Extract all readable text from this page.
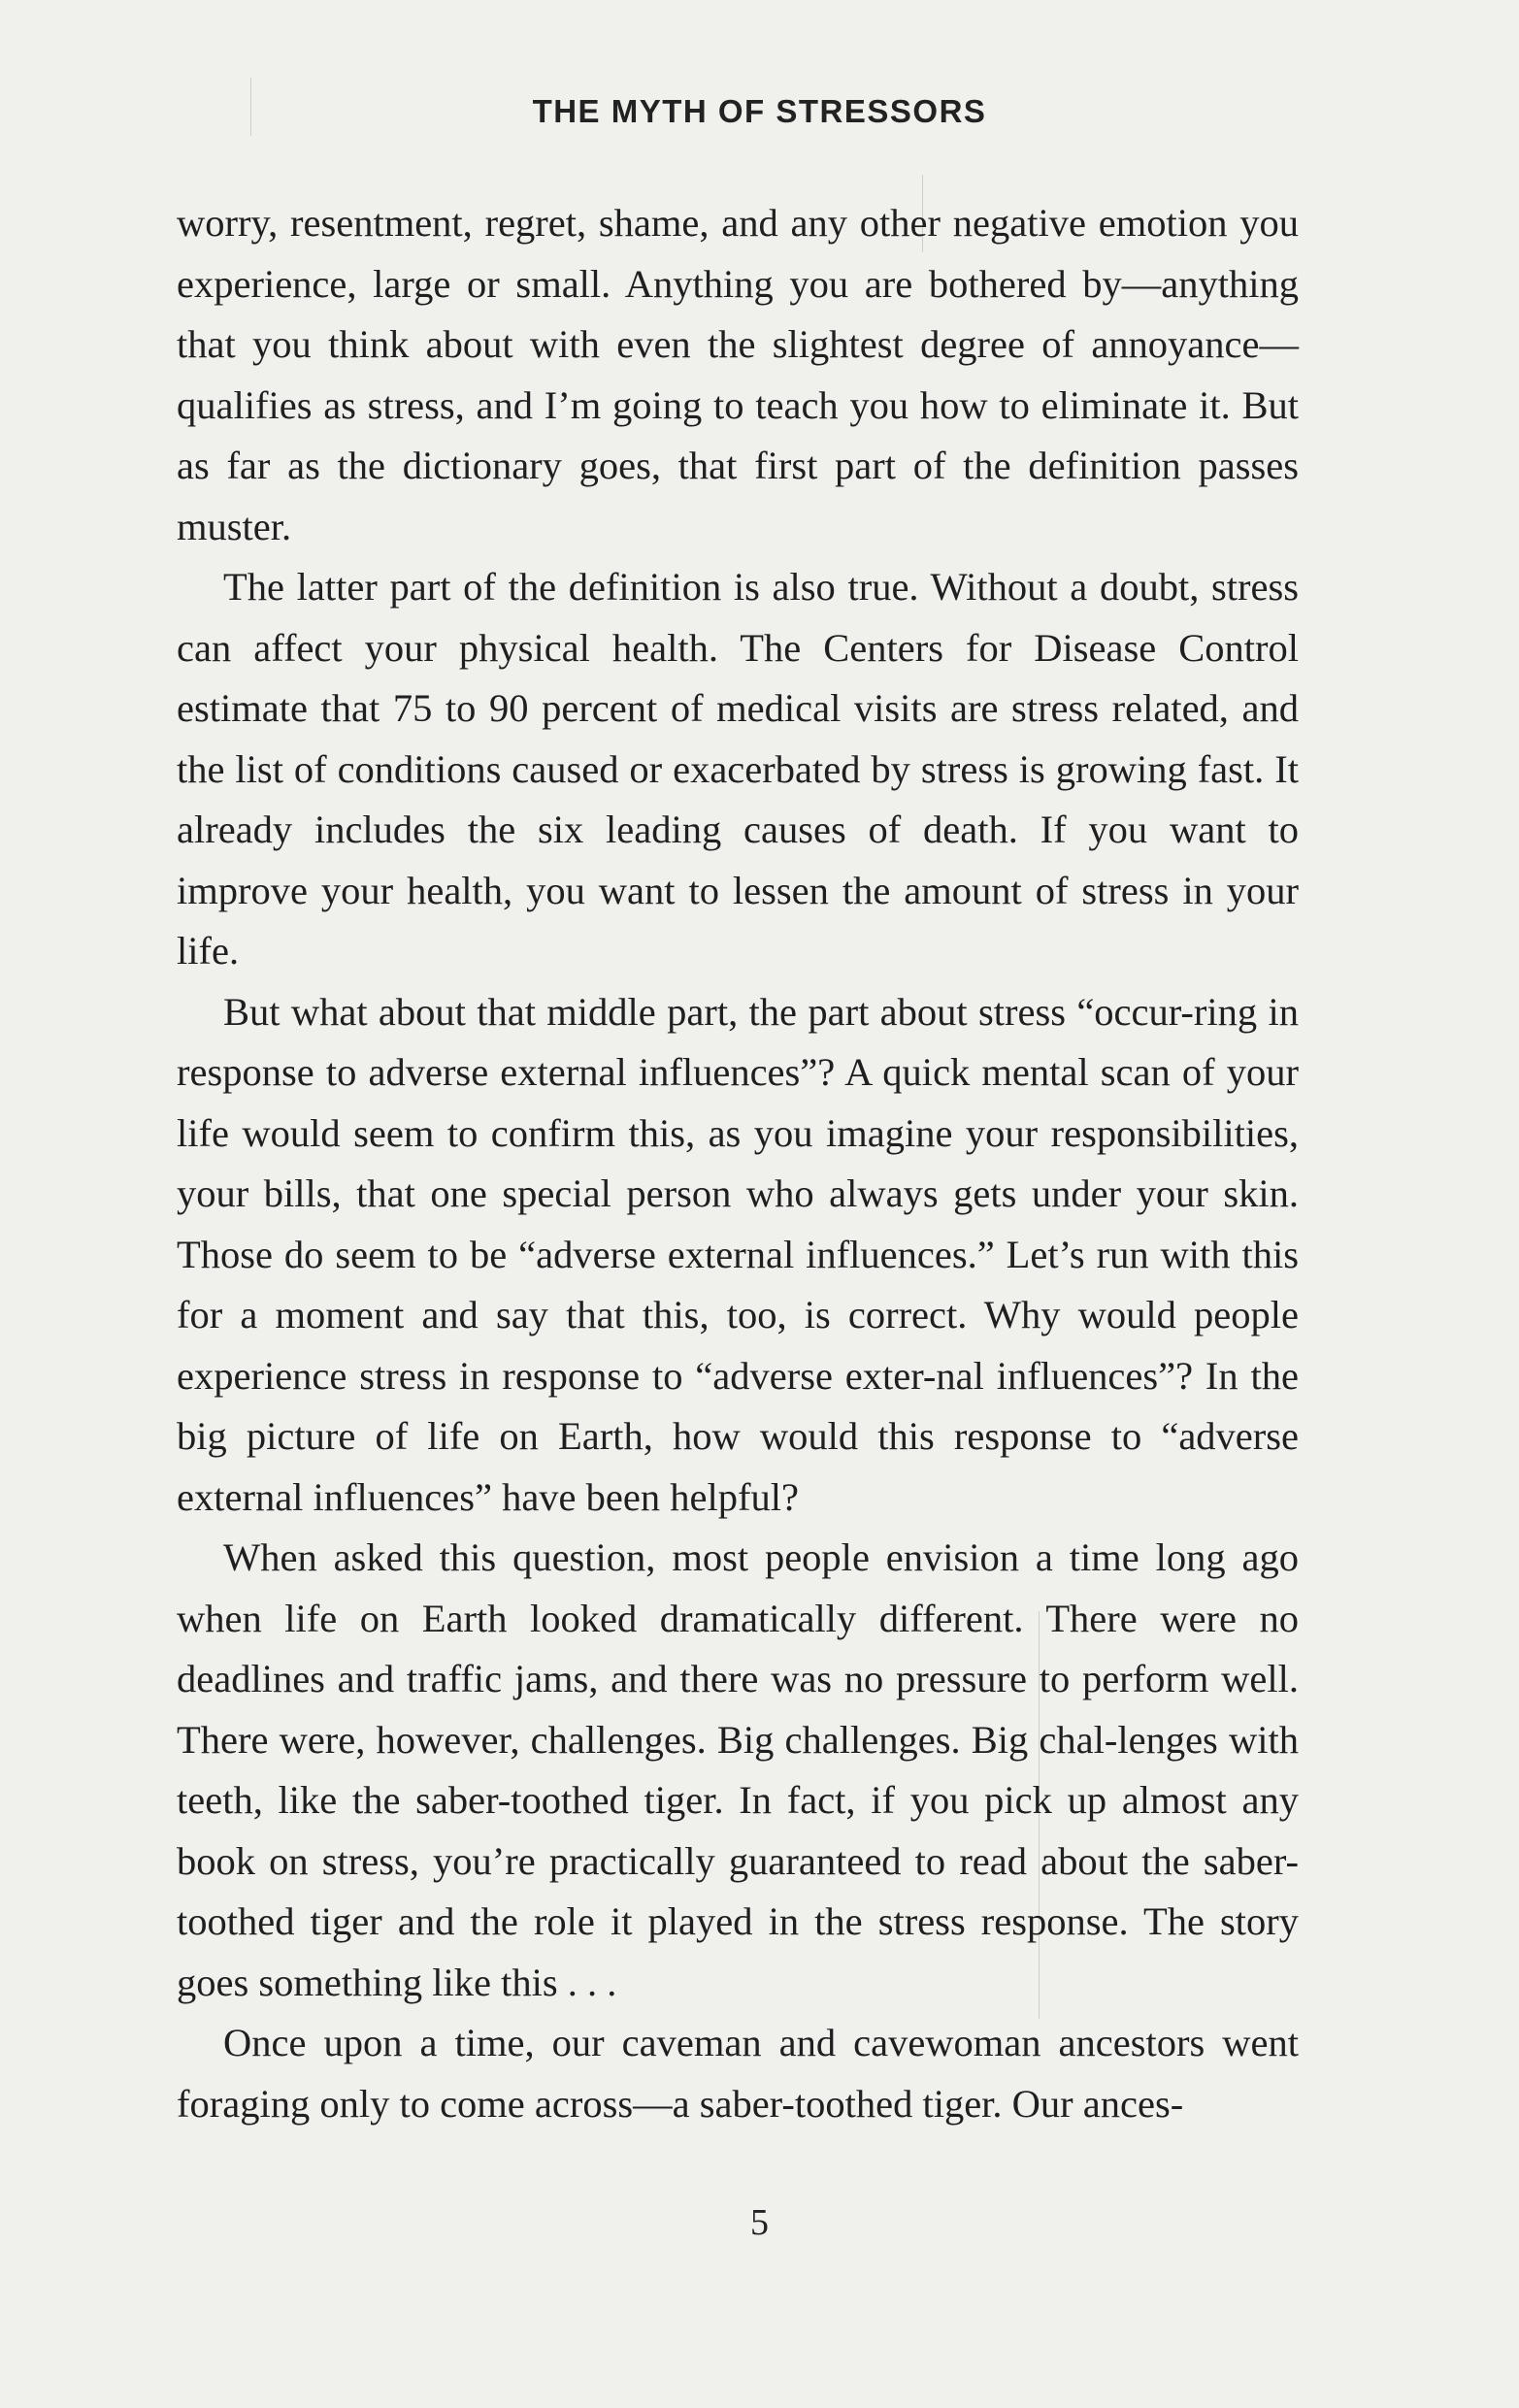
THE MYTH OF STRESSORS

worry, resentment, regret, shame, and any other negative emotion you experience, large or small. Anything you are bothered by—anything that you think about with even the slightest degree of annoyance—qualifies as stress, and I’m going to teach you how to eliminate it. But as far as the dictionary goes, that first part of the definition passes muster.

The latter part of the definition is also true. Without a doubt, stress can affect your physical health. The Centers for Disease Control estimate that 75 to 90 percent of medical visits are stress related, and the list of conditions caused or exacerbated by stress is growing fast. It already includes the six leading causes of death. If you want to improve your health, you want to lessen the amount of stress in your life.

But what about that middle part, the part about stress “occur-ring in response to adverse external influences”? A quick mental scan of your life would seem to confirm this, as you imagine your responsibilities, your bills, that one special person who always gets under your skin. Those do seem to be “adverse external influences.” Let’s run with this for a moment and say that this, too, is correct. Why would people experience stress in response to “adverse exter-nal influences”? In the big picture of life on Earth, how would this response to “adverse external influences” have been helpful?

When asked this question, most people envision a time long ago when life on Earth looked dramatically different. There were no deadlines and traffic jams, and there was no pressure to perform well. There were, however, challenges. Big challenges. Big chal-lenges with teeth, like the saber-toothed tiger. In fact, if you pick up almost any book on stress, you’re practically guaranteed to read about the saber-toothed tiger and the role it played in the stress response. The story goes something like this . . .

Once upon a time, our caveman and cavewoman ancestors went foraging only to come across—a saber-toothed tiger. Our ances-

5
